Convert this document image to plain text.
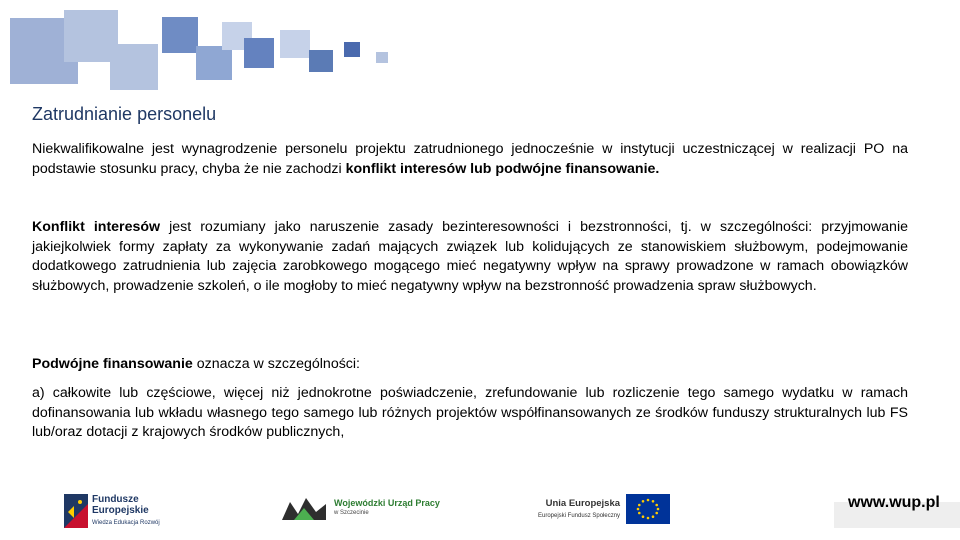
Zatrudnianie personelu

Niekwalifikowalne jest wynagrodzenie personelu projektu zatrudnionego jednocześnie w instytucji uczestniczącej w realizacji PO na podstawie stosunku pracy, chyba że nie zachodzi konflikt interesów lub podwójne finansowanie.

Konflikt interesów jest rozumiany jako naruszenie zasady bezinteresowności i bezstronności, tj. w szczególności: przyjmowanie jakiejkolwiek formy zapłaty za wykonywanie zadań mających związek lub kolidujących ze stanowiskiem służbowym, podejmowanie dodatkowego zatrudnienia lub zajęcia zarobkowego mogącego mieć negatywny wpływ na sprawy prowadzone w ramach obowiązków służbowych, prowadzenie szkoleń, o ile mogłoby to mieć negatywny wpływ na bezstronność prowadzenia spraw służbowych.

Podwójne finansowanie oznacza w szczególności:

a) całkowite lub częściowe, więcej niż jednokrotne poświadczenie, zrefundowanie lub rozliczenie tego samego wydatku w ramach dofinansowania lub wkładu własnego tego samego lub różnych projektów współfinansowanych ze środków funduszy strukturalnych lub FS lub/oraz dotacji z krajowych środków publicznych,

Fundusze
Europejskie
Wiedza Edukacja Rozwój
Wojewódzki Urząd Pracy
w Szczecinie
Unia Europejska
Europejski Fundusz Społeczny
www.wup.pl
